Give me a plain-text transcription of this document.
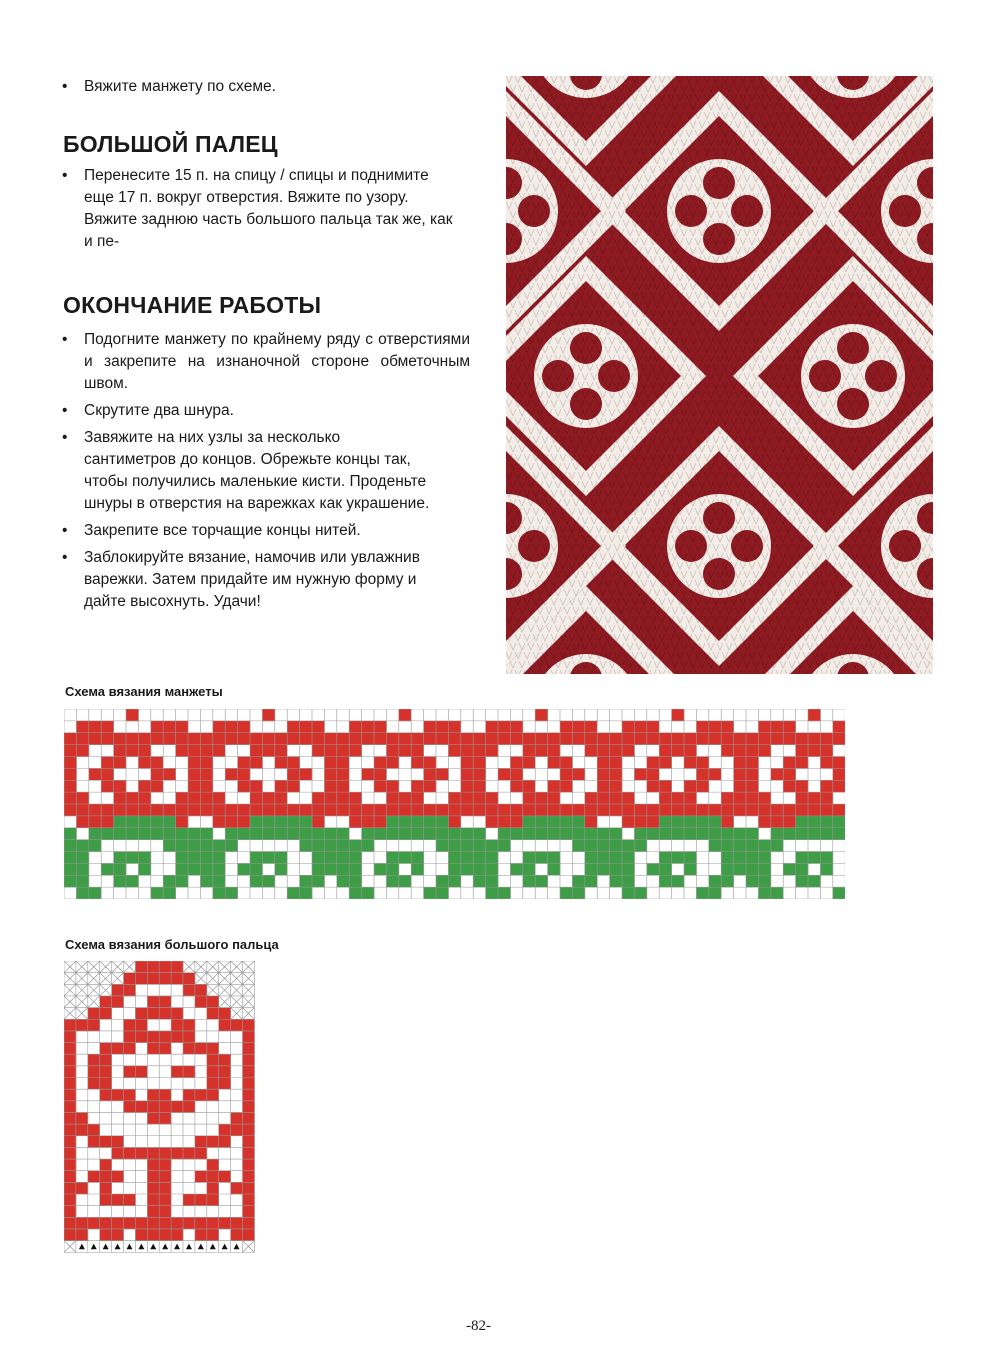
• Вяжите манжету по схеме.
БОЛЬШОЙ ПАЛЕЦ
• Перенесите 15 п. на спицу / спицы и поднимите еще 17 п. вокруг отверстия. Вяжите по узору. Вяжите заднюю часть большого пальца так же, как и пе-
ОКОНЧАНИЕ РАБОТЫ
• Подогните манжету по крайнему ряду с отверстиями и закрепите на изнаночной стороне обметочным швом.
• Скрутите два шнура.
• Завяжите на них узлы за несколько сантиметров до концов. Обрежьте концы так, чтобы получились маленькие кисти. Проденьте шнуры в отверстия на варежках как украшение.
• Закрепите все торчащие концы нитей.
• Заблокируйте вязание, намочив или увлажнив варежки. Затем придайте им нужную форму и дайте высохнуть. Удачи!
Схема вязания манжеты
Схема вязания большого пальца
-82-
